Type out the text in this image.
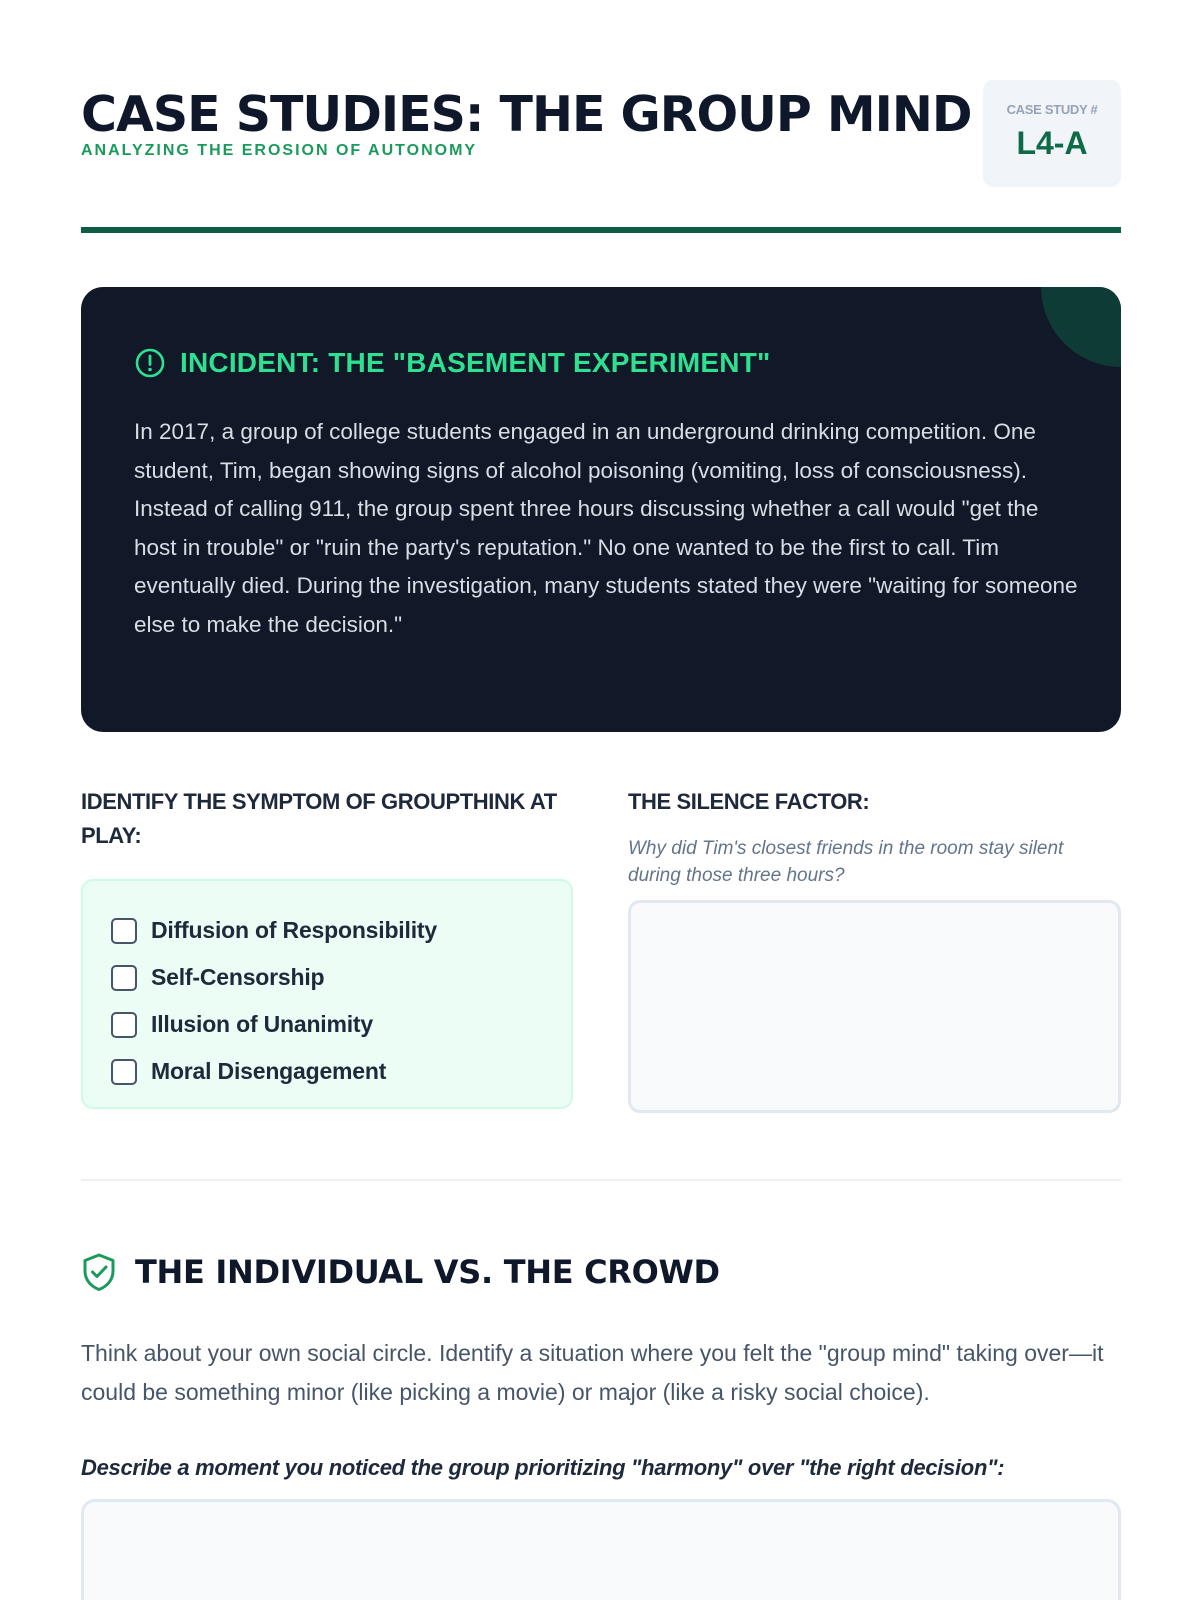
CASE STUDIES: THE GROUP MIND
ANALYZING THE EROSION OF AUTONOMY
CASE STUDY #
L4-A
INCIDENT: THE "BASEMENT EXPERIMENT"
In 2017, a group of college students engaged in an underground drinking competition. One student, Tim, began showing signs of alcohol poisoning (vomiting, loss of consciousness). Instead of calling 911, the group spent three hours discussing whether a call would "get the host in trouble" or "ruin the party's reputation." No one wanted to be the first to call. Tim eventually died. During the investigation, many students stated they were "waiting for someone else to make the decision."
IDENTIFY THE SYMPTOM OF GROUPTHINK AT PLAY:
Diffusion of Responsibility
Self-Censorship
Illusion of Unanimity
Moral Disengagement
THE SILENCE FACTOR:
Why did Tim's closest friends in the room stay silent during those three hours?
THE INDIVIDUAL VS. THE CROWD
Think about your own social circle. Identify a situation where you felt the "group mind" taking over—it could be something minor (like picking a movie) or major (like a risky social choice).
Describe a moment you noticed the group prioritizing "harmony" over "the right decision":
